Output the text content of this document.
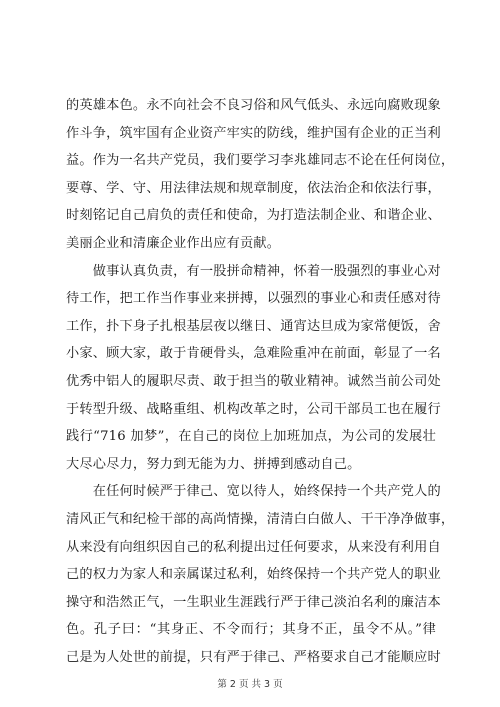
的英雄本色。永不向社会不良习俗和风气低头、永远向腐败现象
作斗争，筑牢国有企业资产牢实的防线，维护国有企业的正当利
益。作为一名共产党员，我们要学习李兆雄同志不论在任何岗位，
要尊、学、守、用法律法规和规章制度，依法治企和依法行事，
时刻铭记自己肩负的责任和使命，为打造法制企业、和谐企业、
美丽企业和清廉企业作出应有贡献。
　　做事认真负责，有一股拼命精神，怀着一股强烈的事业心对
待工作，把工作当作事业来拼搏，以强烈的事业心和责任感对待
工作，扑下身子扎根基层夜以继日、通宵达旦成为家常便饭，舍
小家、顾大家，敢于肯硬骨头，急难险重冲在前面，彰显了一名
优秀中铝人的履职尽责、敢于担当的敬业精神。诚然当前公司处
于转型升级、战略重组、机构改革之时，公司干部员工也在履行
践行“716 加梦”，在自己的岗位上加班加点，为公司的发展壮
大尽心尽力，努力到无能为力、拼搏到感动自己。
　　在任何时候严于律己、宽以待人，始终保持一个共产党人的
清风正气和纪检干部的高尚情操，清清白白做人、干干净净做事，
从来没有向组织因自己的私利提出过任何要求，从来没有利用自
己的权力为家人和亲属谋过私利，始终保持一个共产党人的职业
操守和浩然正气，一生职业生涯践行严于律己淡泊名利的廉洁本
色。孔子曰：“其身正、不令而行；其身不正，虽令不从。”律
己是为人处世的前提，只有严于律己、严格要求自己才能顺应时
第 2 页 共 3 页
